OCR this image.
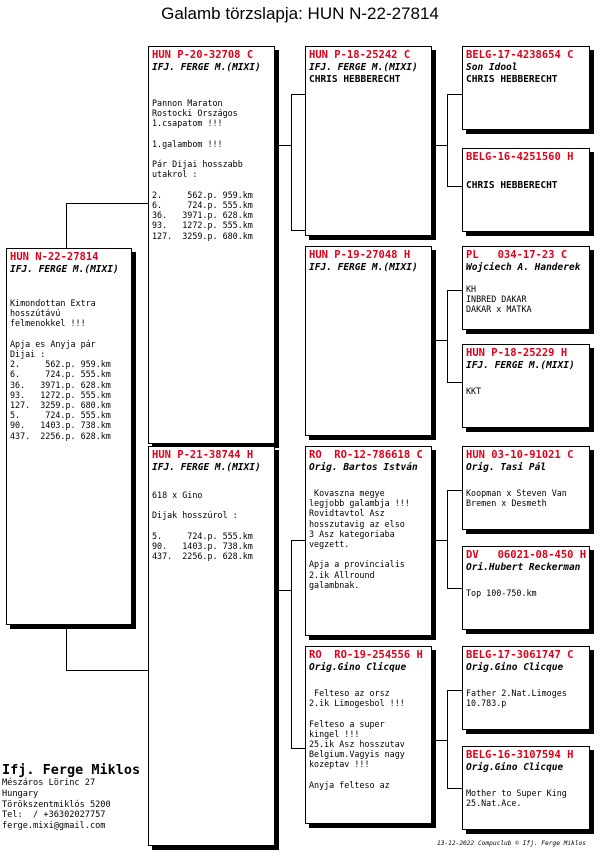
Galamb törzslapja: HUN N-22-27814
HUN N-22-27814
IFJ. FERGE M.(MIXI)
Kimondottan Extra
hosszútávú
felmenokkel !!!

Apja es Anyja pár
Dijai :
2.     562.p. 959.km
6.     724.p. 555.km
36.   3971.p. 628.km
93.   1272.p. 555.km
127.  3259.p. 680.km
5.     724.p. 555.km
90.   1403.p. 738.km
437.  2256.p. 628.km
HUN P-20-32708 C
IFJ. FERGE M.(MIXI)
Pannon Maraton
Rostocki Országos
1.csapatom !!!

1.galambom !!!

Pár Dijai hosszabb
utakrol :

2.     562.p. 959.km
6.     724.p. 555.km
36.   3971.p. 628.km
93.   1272.p. 555.km
127.  3259.p. 680.km
HUN P-21-38744 H
IFJ. FERGE M.(MIXI)
618 x Gino

Dijak hosszúrol :

5.     724.p. 555.km
90.   1403.p. 738.km
437.  2256.p. 628.km
HUN P-18-25242 C
IFJ. FERGE M.(MIXI)
CHRIS HEBBERECHT
HUN P-19-27048 H
IFJ. FERGE M.(MIXI)
RO  RO-12-786618 C
Orig. Bartos István
Kovaszna megye
legjobb galambja !!!
Rovidtavtol Asz
hosszutavig az elso
3 Asz kategoriaba
vegzett.

Apja a provincialis
2.ik Allround
galambnak.
RO  RO-19-254556 H
Orig.Gino Clicque
Felteso az orsz
2.ik Limogesbol !!!

Felteso a super
kingel !!!
25.ik Asz hosszutav
Belgium.Vagyis nagy
kozeptav !!!

Anyja felteso az
BELG-17-4238654 C
Son Idool
CHRIS HEBBERECHT
BELG-16-4251560 H
CHRIS HEBBERECHT
PL   034-17-23 C
Wojciech A. Handerek
KH
INBRED DAKAR
DAKAR x MATKA
HUN P-18-25229 H
IFJ. FERGE M.(MIXI)
KKT
HUN 03-10-91021 C
Orig. Tasi Pál
Koopman x Steven Van
Bremen x Desmeth
DV   06021-08-450 H
Ori.Hubert Reckerman
Top 100-750.km
BELG-17-3061747 C
Orig.Gino Clicque
Father 2.Nat.Limoges
10.783.p
BELG-16-3107594 H
Orig.Gino Clicque
Mother to Super King
25.Nat.Ace.
Ifj. Ferge Miklos
Mészáros Lörinc 27
Hungary
Törökszentmiklós 5200
Tel:  / +36302027757
ferge.mixi@gmail.com
13-12-2022 Compuclub © Ifj. Ferge Miklos
